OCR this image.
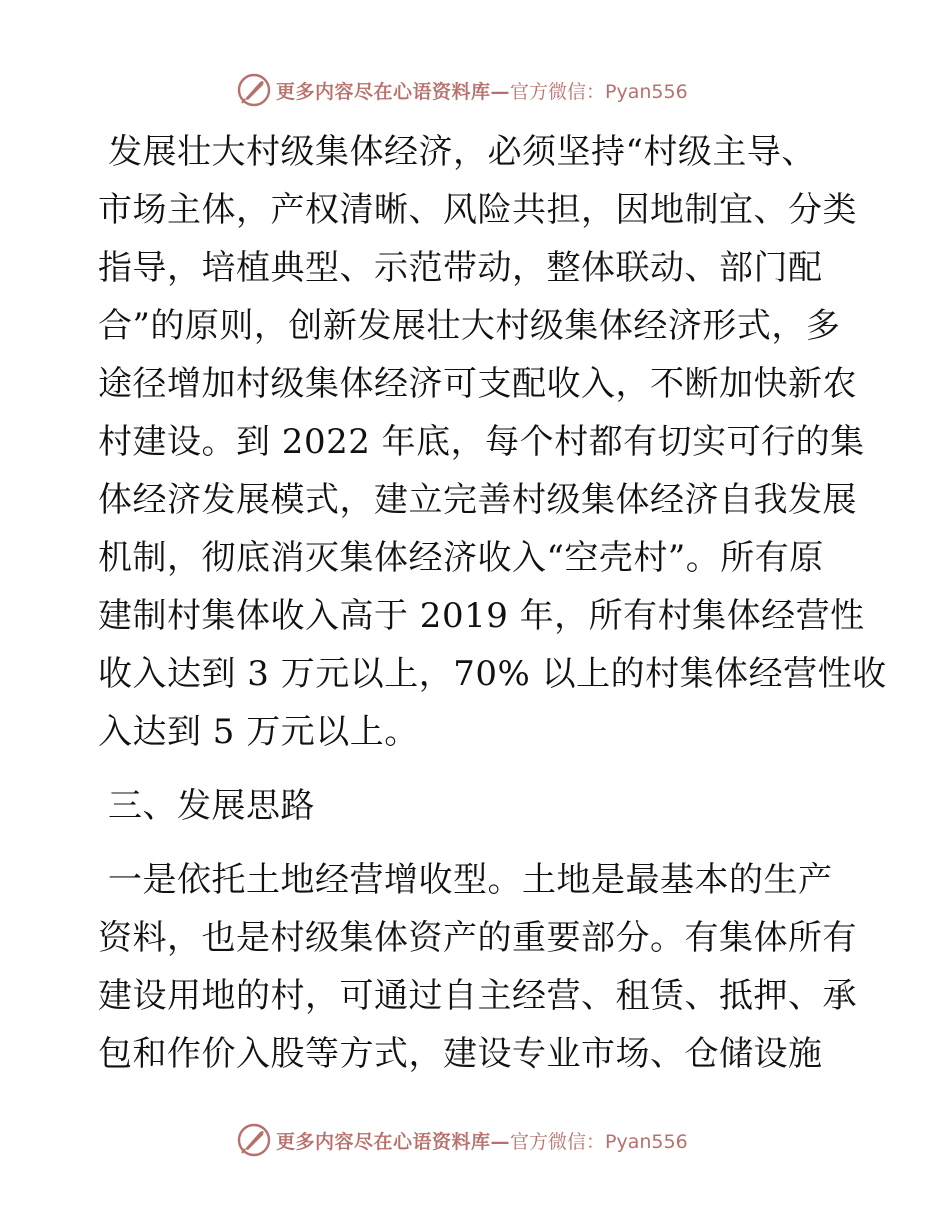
更多内容尽在心语资料库— 官方微信：Pyan556
发展壮大村级集体经济，必须坚持“村级主导、
市场主体，产权清晰、风险共担，因地制宜、分类
指导，培植典型、示范带动，整体联动、部门配
合”的原则，创新发展壮大村级集体经济形式，多
途径增加村级集体经济可支配收入，不断加快新农
村建设。到 2022 年底，每个村都有切实可行的集
体经济发展模式，建立完善村级集体经济自我发展
机制，彻底消灭集体经济收入“空壳村”。所有原
建制村集体收入高于 2019 年，所有村集体经营性
收入达到 3 万元以上，70% 以上的村集体经营性收
入达到 5 万元以上。
三、发展思路
一是依托土地经营增收型。土地是最基本的生产
资料，也是村级集体资产的重要部分。有集体所有
建设用地的村，可通过自主经营、租赁、抵押、承
包和作价入股等方式，建设专业市场、仓储设施
更多内容尽在心语资料库— 官方微信：Pyan556
